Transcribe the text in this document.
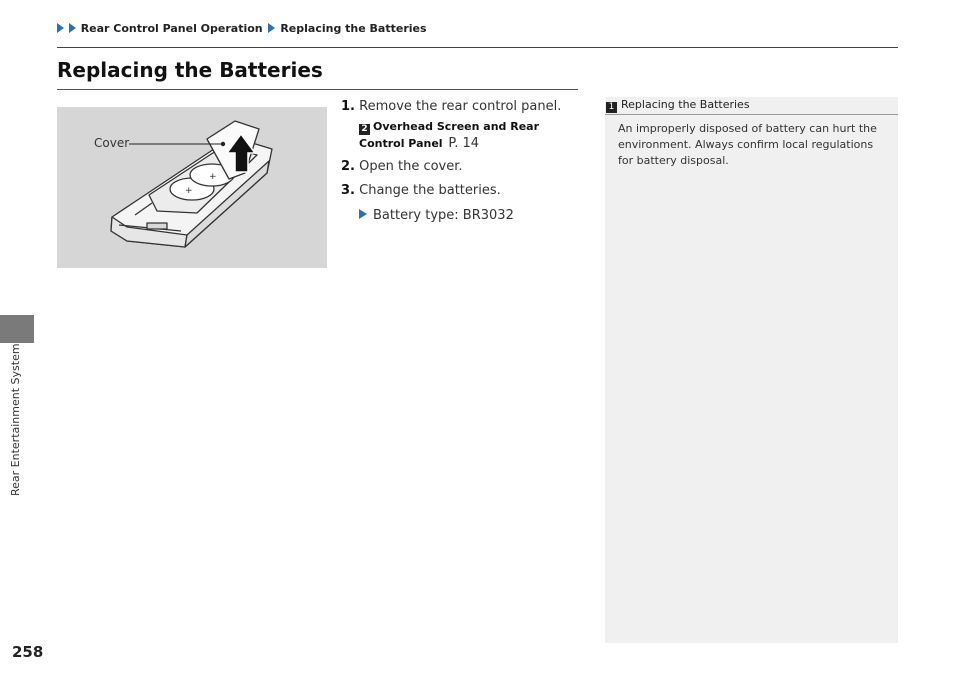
Rear Control Panel Operation Replacing the Batteries
Rear Entertainment System
Replacing the Batteries
+
+
Cover
1. Remove the rear control panel.
2 Overhead Screen and Rear
Control Panel P. 14
2. Open the cover.
3. Change the batteries.
Battery type: BR3032
1 Replacing the Batteries

An improperly disposed of battery can hurt the environment. Always confirm local regulations for battery disposal.

258
